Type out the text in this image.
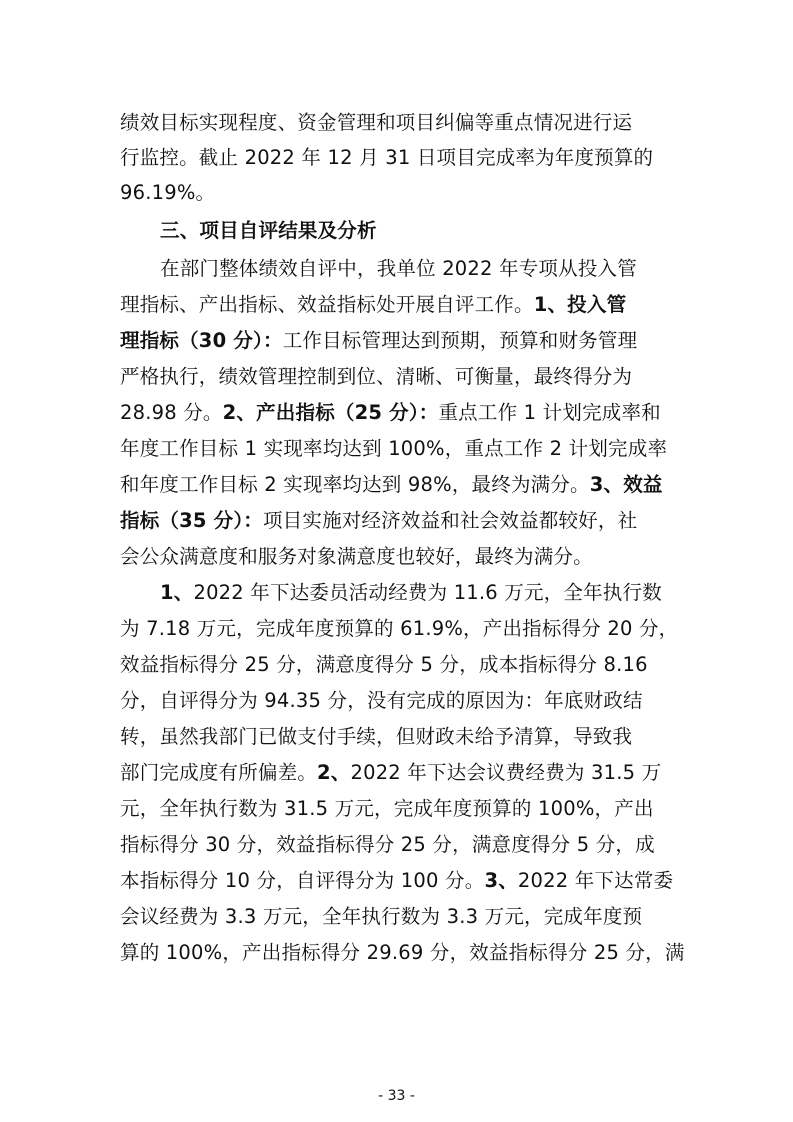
绩效目标实现程度、资金管理和项目纠偏等重点情况进行运
行监控。截止 2022 年 12 月 31 日项目完成率为年度预算的
96.19%。
三、项目自评结果及分析
在部门整体绩效自评中，我单位 2022 年专项从投入管
理指标、产出指标、效益指标处开展自评工作。1、投入管
理指标（30 分）：工作目标管理达到预期，预算和财务管理
严格执行，绩效管理控制到位、清晰、可衡量，最终得分为
28.98 分。2、产出指标（25 分）：重点工作 1 计划完成率和
年度工作目标 1 实现率均达到 100%，重点工作 2 计划完成率
和年度工作目标 2 实现率均达到 98%，最终为满分。3、效益
指标（35 分）：项目实施对经济效益和社会效益都较好，社
会公众满意度和服务对象满意度也较好，最终为满分。
1、2022 年下达委员活动经费为 11.6 万元，全年执行数
为 7.18 万元，完成年度预算的 61.9%，产出指标得分 20 分，
效益指标得分 25 分，满意度得分 5 分，成本指标得分 8.16
分，自评得分为 94.35 分，没有完成的原因为：年底财政结
转，虽然我部门已做支付手续，但财政未给予清算，导致我
部门完成度有所偏差。2、2022 年下达会议费经费为 31.5 万
元，全年执行数为 31.5 万元，完成年度预算的 100%，产出
指标得分 30 分，效益指标得分 25 分，满意度得分 5 分，成
本指标得分 10 分，自评得分为 100 分。3、2022 年下达常委
会议经费为 3.3 万元，全年执行数为 3.3 万元，完成年度预
算的 100%，产出指标得分 29.69 分，效益指标得分 25 分，满
- 33 -
